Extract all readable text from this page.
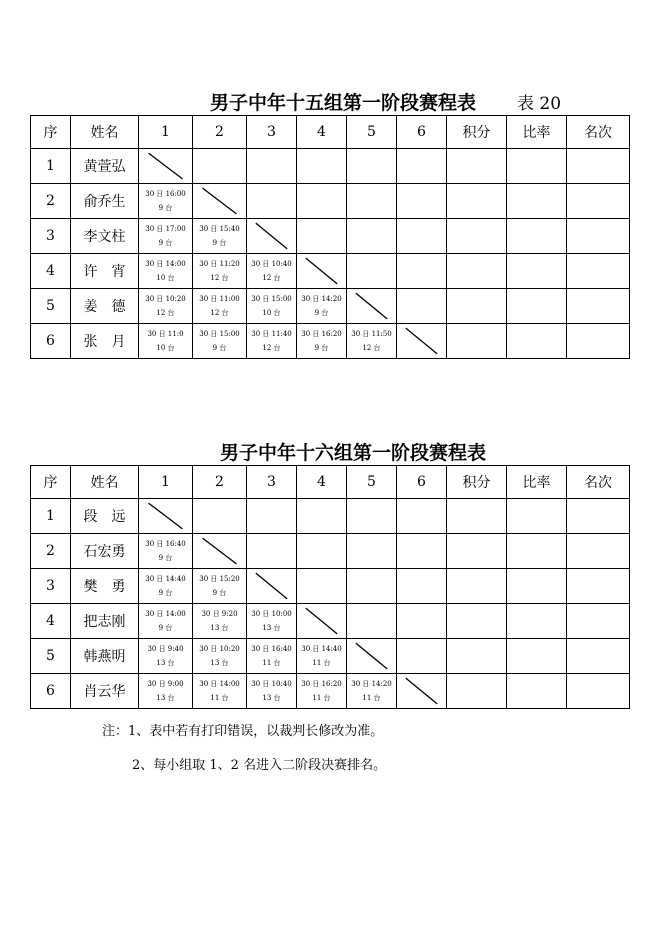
男子中年十五组第一阶段赛程表 表 20
序	姓名	1	2	3	4	5	6	积分	比率	名次
1	黄萱弘	

2	俞乔生	30 日 16:00
9 台

3	李文柱	30 日 17:00
9 台	30 日 15:40
9 台

4	许　宵	30 日 14:00
10 台	30 日 11:20
12 台	30 日 10:40
12 台

5	姜　德	30 日 10:20
12 台	30 日 11:00
12 台	30 日 15:00
10 台	30 日 14:20
9 台

6	张　月	30 日 11:0
10 台	30 日 15:00
9 台	30 日 11:40
12 台	30 日 16:20
9 台	30 日 11:50
12 台

男子中年十六组第一阶段赛程表
序	姓名	1	2	3	4	5	6	积分	比率	名次
1	段　远	

2	石宏勇	30 日 16:40
9 台

3	樊　勇	30 日 14:40
9 台	30 日 15:20
9 台

4	把志刚	30 日 14:00
9 台	30 日 9:20
13 台	30 日 10:00
13 台

5	韩燕明	30 日 9:40
13 台	30 日 10:20
13 台	30 日 16:40
11 台	30 日 14:40
11 台

6	肖云华	30 日 9:00
13 台	30 日 14:00
11 台	30 日 10:40
13 台	30 日 16:20
11 台	30 日 14:20
11 台

注：1、表中若有打印错误，以裁判长修改为准。
2、每小组取 1、2 名进入二阶段决赛排名。
